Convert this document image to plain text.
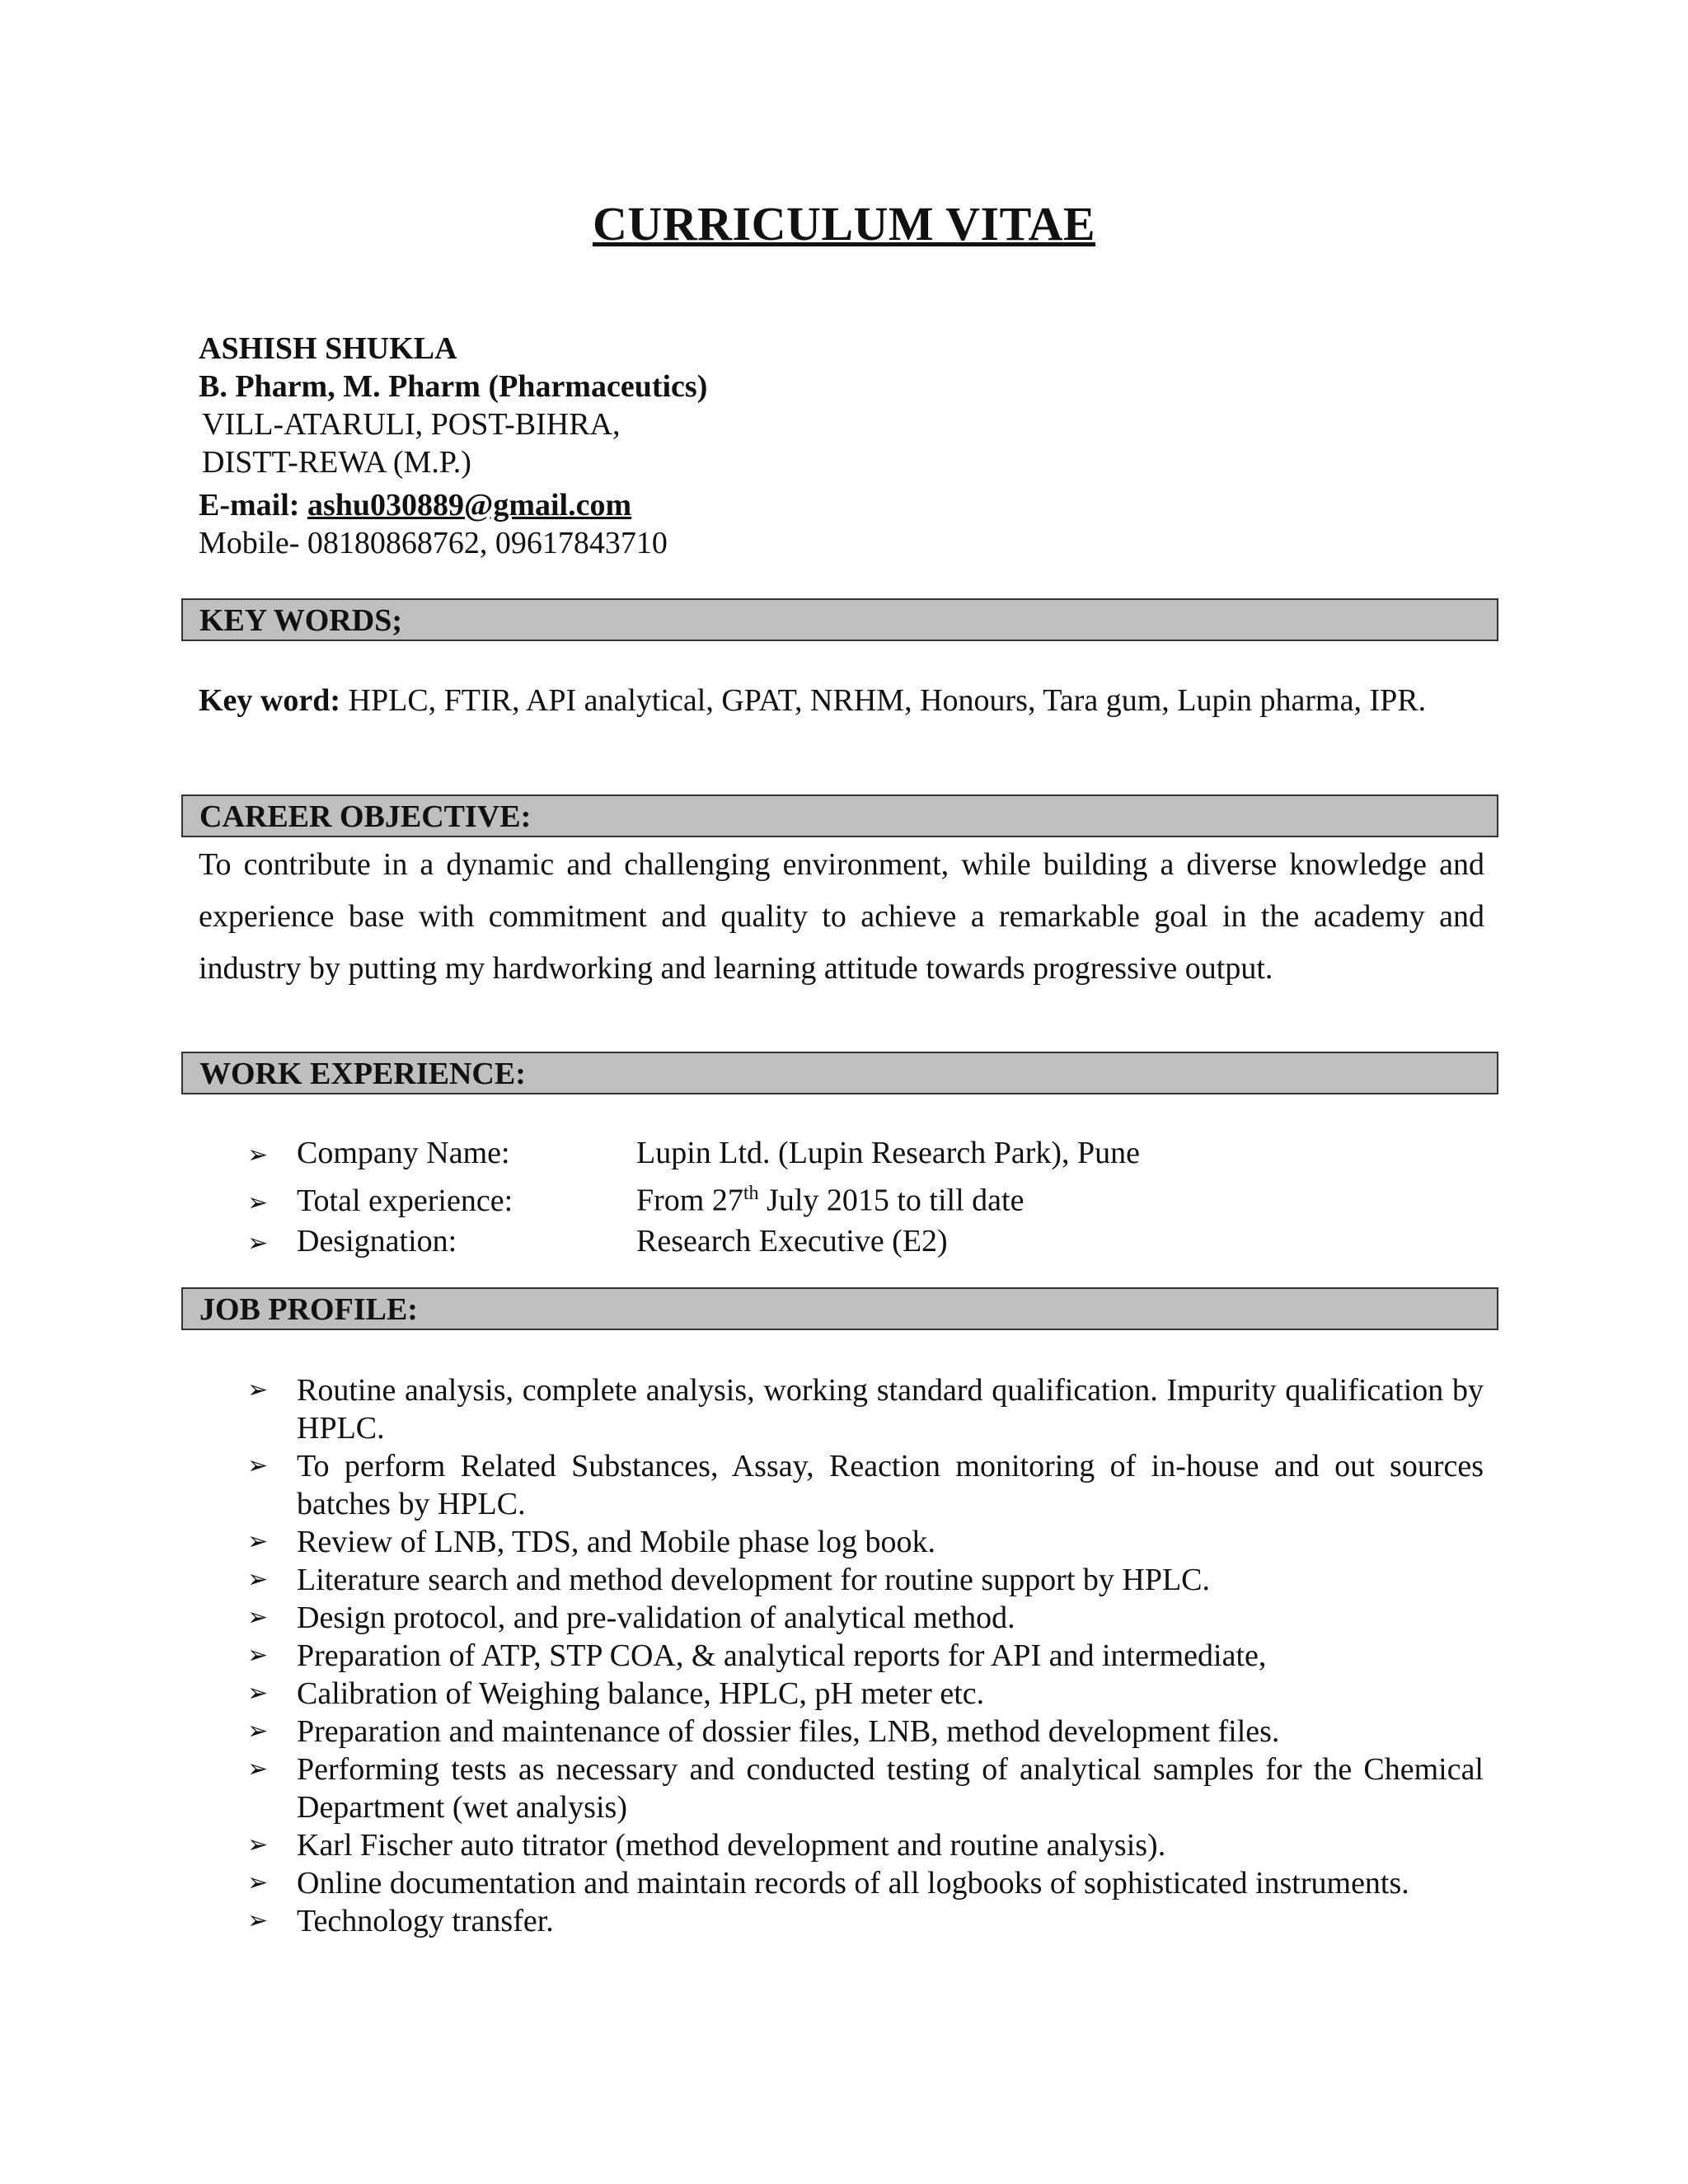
CURRICULUM VITAE
ASHISH SHUKLA
B. Pharm, M. Pharm (Pharmaceutics)
VILL-ATARULI, POST-BIHRA,
DISTT-REWA (M.P.)
E-mail: ashu030889@gmail.com
Mobile- 08180868762, 09617843710
KEY WORDS;
Key word: HPLC, FTIR, API analytical, GPAT, NRHM, Honours, Tara gum, Lupin pharma, IPR.
CAREER OBJECTIVE:
To contribute in a dynamic and challenging environment, while building a diverse knowledge and experience base with commitment and quality to achieve a remarkable goal in the academy and industry by putting my hardworking and learning attitude towards progressive output.
WORK EXPERIENCE:
➢ Company Name:	Lupin Ltd. (Lupin Research Park), Pune
➢ Total experience:	From 27th July 2015 to till date
➢ Designation:	Research Executive (E2)
JOB PROFILE:
➢ Routine analysis, complete analysis, working standard qualification. Impurity qualification by HPLC.
➢ To perform Related Substances, Assay, Reaction monitoring of in-house and out sources batches by HPLC.
➢ Review of LNB, TDS, and Mobile phase log book.
➢ Literature search and method development for routine support by HPLC.
➢ Design protocol, and pre-validation of analytical method.
➢ Preparation of ATP, STP COA, & analytical reports for API and intermediate,
➢ Calibration of Weighing balance, HPLC, pH meter etc.
➢ Preparation and maintenance of dossier files, LNB, method development files.
➢ Performing tests as necessary and conducted testing of analytical samples for the Chemical Department (wet analysis)
➢ Karl Fischer auto titrator (method development and routine analysis).
➢ Online documentation and maintain records of all logbooks of sophisticated instruments.
➢ Technology transfer.
